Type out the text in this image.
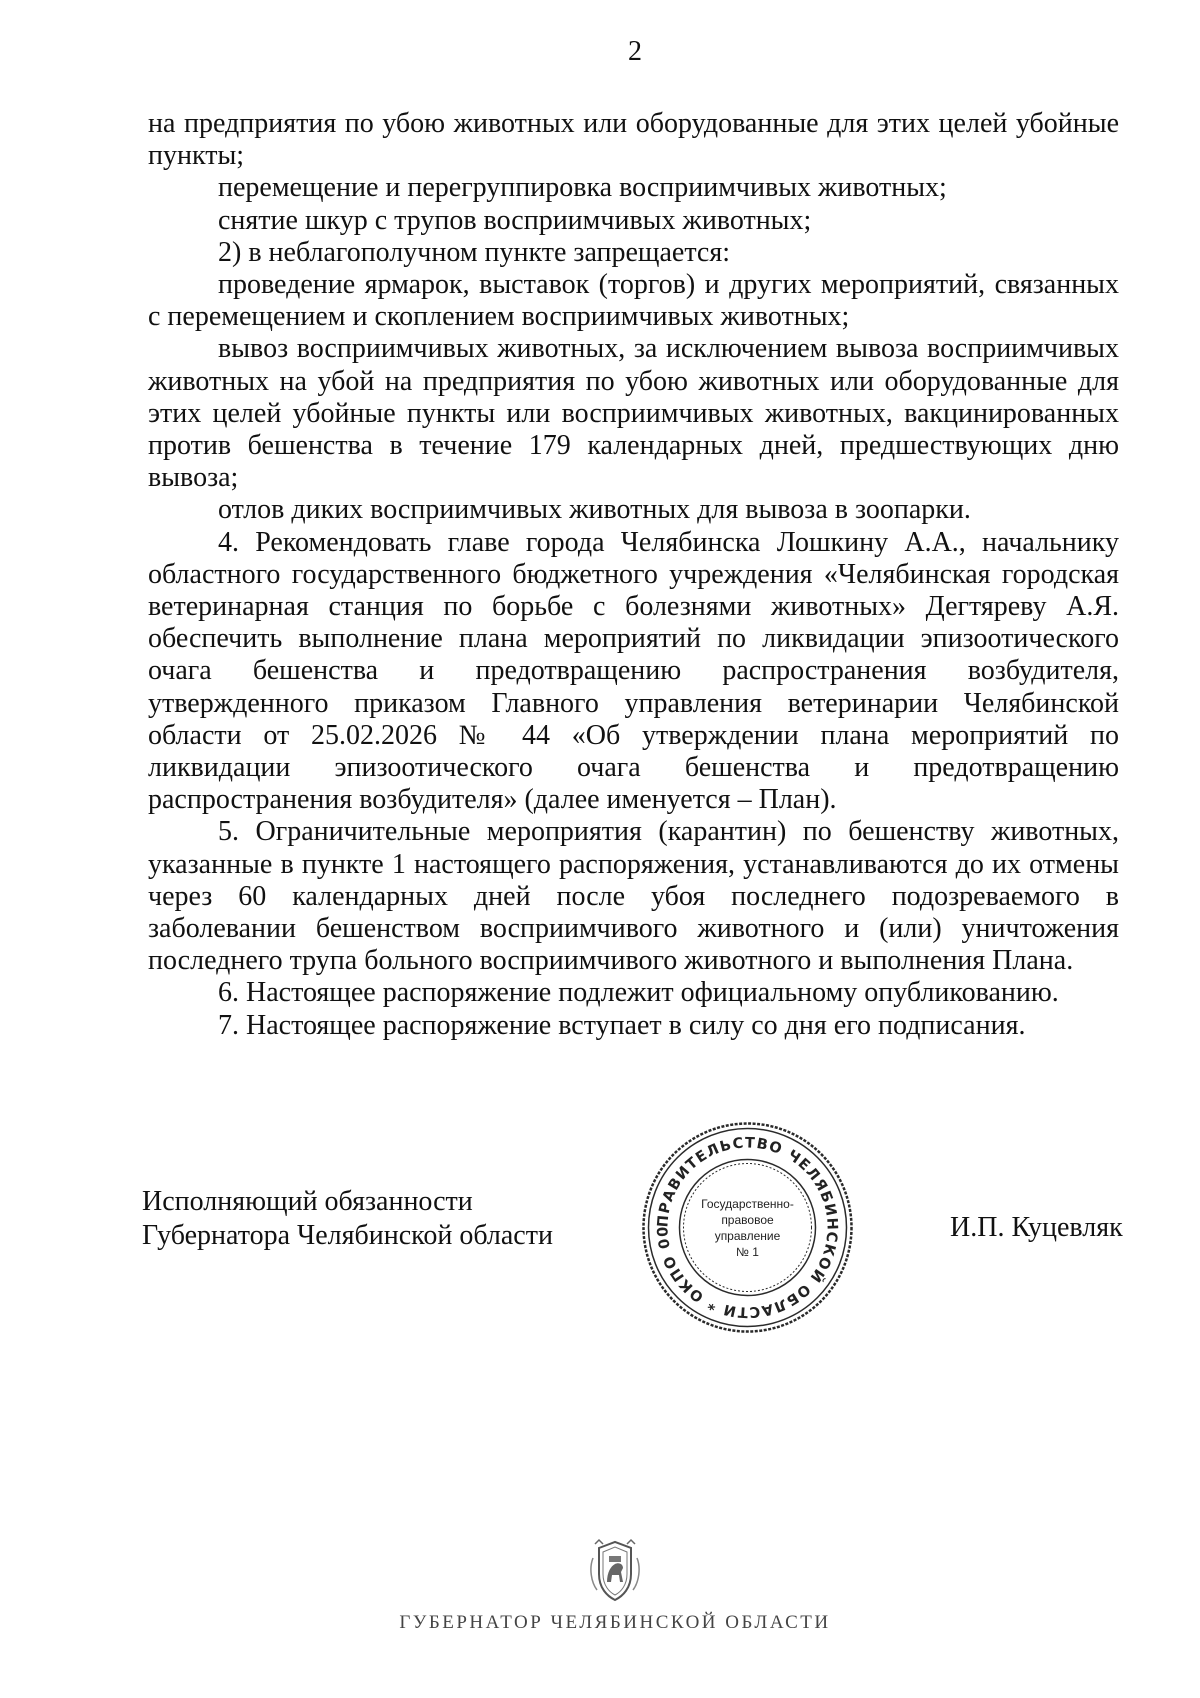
2

на предприятия по убою животных или оборудованные для этих целей убойные пункты;

перемещение и перегруппировка восприимчивых животных;

снятие шкур с трупов восприимчивых животных;

2) в неблагополучном пункте запрещается:

проведение ярмарок, выставок (торгов) и других мероприятий, связанных с перемещением и скоплением восприимчивых животных;

вывоз восприимчивых животных, за исключением вывоза восприимчивых животных на убой на предприятия по убою животных или оборудованные для этих целей убойные пункты или восприимчивых животных, вакцинированных против бешенства в течение 179 календарных дней, предшествующих дню вывоза;

отлов диких восприимчивых животных для вывоза в зоопарки.

4. Рекомендовать главе города Челябинска Лошкину А.А., начальнику областного государственного бюджетного учреждения «Челябинская городская ветеринарная станция по борьбе с болезнями животных» Дегтяреву А.Я. обеспечить выполнение плана мероприятий по ликвидации эпизоотического очага бешенства и предотвращению распространения возбудителя, утвержденного приказом Главного управления ветеринарии Челябинской области от 25.02.2026 № 44 «Об утверждении плана мероприятий по ликвидации эпизоотического очага бешенства и предотвращению распространения возбудителя» (далее именуется – План).

5. Ограничительные мероприятия (карантин) по бешенству животных, указанные в пункте 1 настоящего распоряжения, устанавливаются до их отмены через 60 календарных дней после убоя последнего подозреваемого в заболевании бешенством восприимчивого животного и (или) уничтожения последнего трупа больного восприимчивого животного и выполнения Плана.

6. Настоящее распоряжение подлежит официальному опубликованию.

7. Настоящее распоряжение вступает в силу со дня его подписания.

Исполняющий обязанности
Губернатора Челябинской области	ПРАВИТЕЛЬСТВО ЧЕЛЯБИНСКОЙ ОБЛАСТИ * ОКПО 00
Государственно-
правовое
управление
№ 1
И.П. Куцевляк
ГУБЕРНАТОР ЧЕЛЯБИНСКОЙ ОБЛАСТИ
